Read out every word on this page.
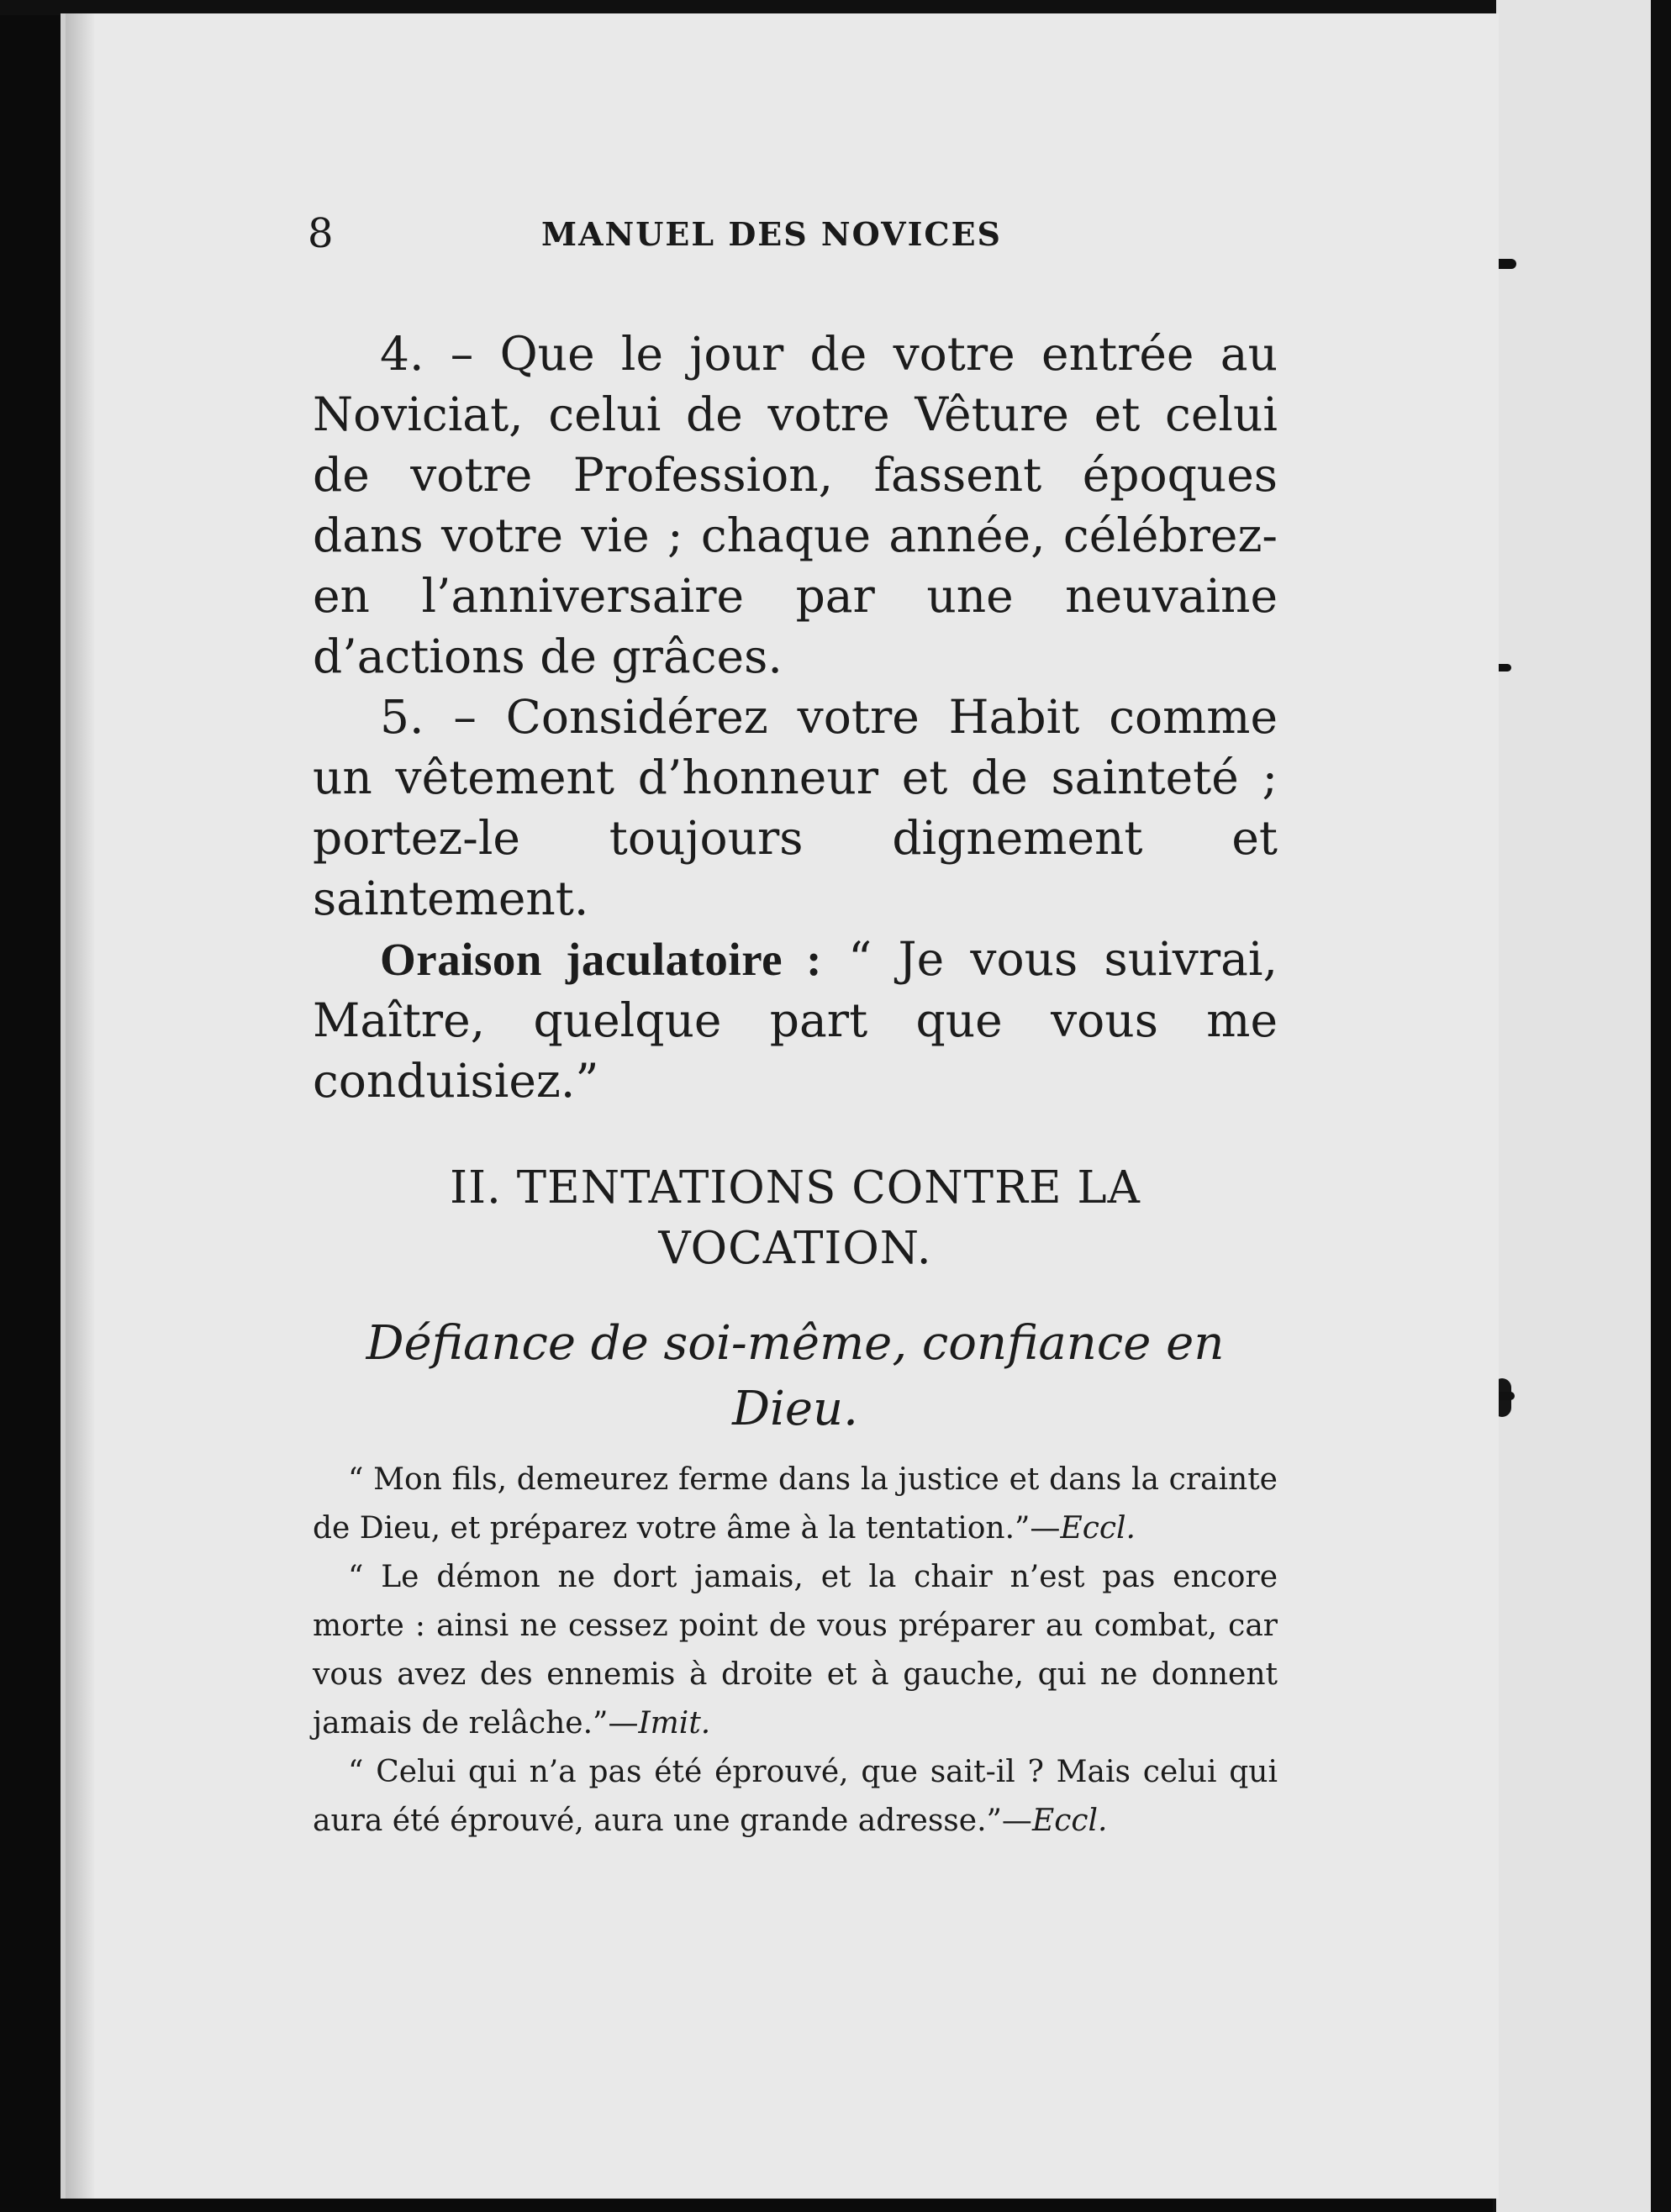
8	MANUEL DES NOVICES

4. – Que le jour de votre entrée au Noviciat, celui de votre Vêture et celui de votre Profession, fassent époques dans votre vie ; chaque année, célébrez-en l’anniversaire par une neuvaine d’actions de grâces.

5. – Considérez votre Habit comme un vêtement d’honneur et de sainteté ; portez-le toujours dignement et saintement.

Oraison jaculatoire : “ Je vous suivrai, Maître, quelque part que vous me conduisiez.”

II. TENTATIONS CONTRE LA VOCATION.

Défiance de soi-même, confiance en Dieu.

“ Mon fils, demeurez ferme dans la justice et dans la crainte de Dieu, et préparez votre âme à la tentation.”—Eccl.

“ Le démon ne dort jamais, et la chair n’est pas encore morte : ainsi ne cessez point de vous préparer au combat, car vous avez des ennemis à droite et à gauche, qui ne donnent jamais de relâche.”—Imit.

“ Celui qui n’a pas été éprouvé, que sait-il ? Mais celui qui aura été éprouvé, aura une grande adresse.”—Eccl.
